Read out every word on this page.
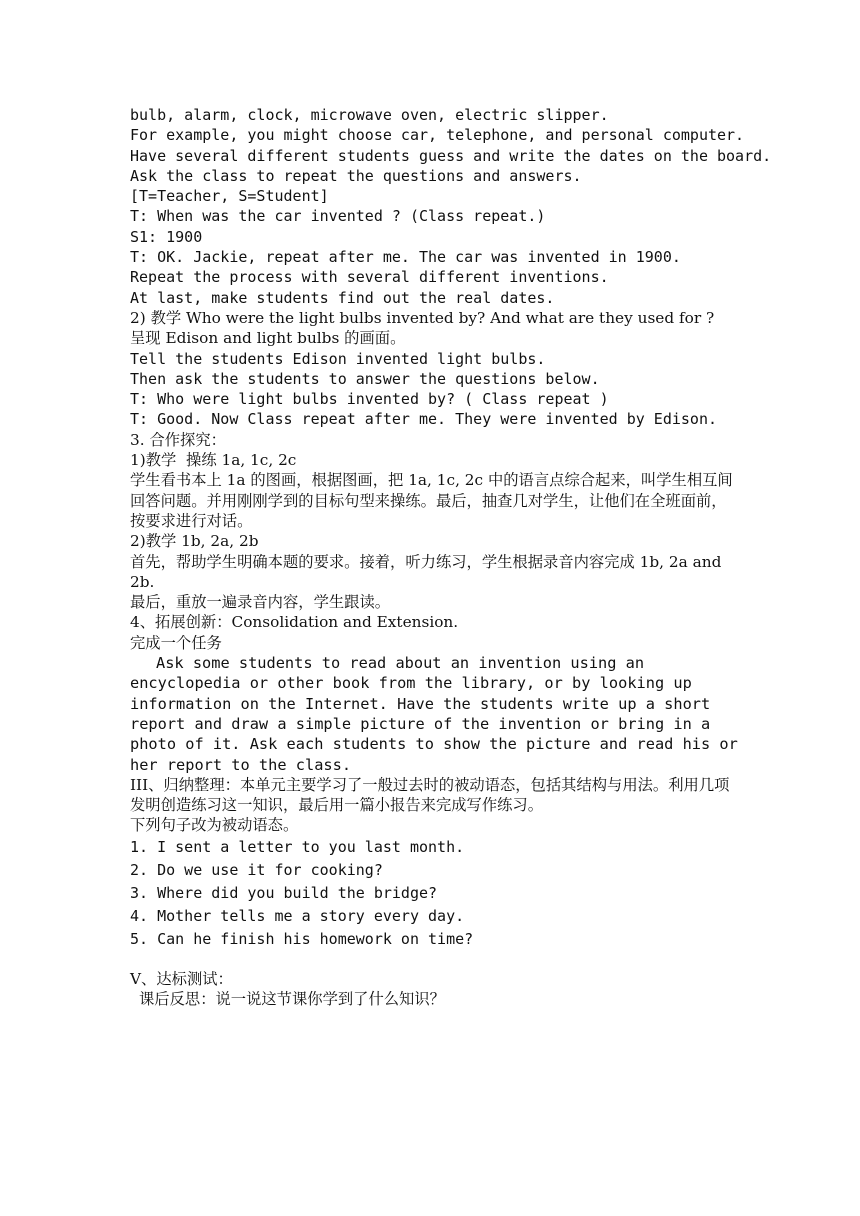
bulb, alarm, clock, microwave oven, electric slipper.
For example, you might choose car, telephone, and personal computer.
Have several different students guess and write the dates on the board.
Ask the class to repeat the questions and answers.
[T=Teacher, S=Student]
T: When was the car invented ? (Class repeat.)
S1: 1900
T: OK. Jackie, repeat after me. The car was invented in 1900.
Repeat the process with several different inventions.
At last, make students find out the real dates.
2) 教学 Who were the light bulbs invented by? And what are they used for ?
呈现 Edison and light bulbs 的画面。
Tell the students Edison invented light bulbs.
Then ask the students to answer the questions below.
T: Who were light bulbs invented by? ( Class repeat )
T: Good. Now Class repeat after me. They were invented by Edison.
3. 合作探究：
1)教学  操练 1a, 1c, 2c
学生看书本上 1a 的图画，根据图画，把 1a, 1c, 2c 中的语言点综合起来，叫学生相互间回答问题。并用刚刚学到的目标句型来操练。最后，抽查几对学生，让他们在全班面前，按要求进行对话。
2)教学 1b, 2a, 2b
首先，帮助学生明确本题的要求。接着，听力练习，学生根据录音内容完成 1b, 2a and 2b.
最后，重放一遍录音内容，学生跟读。
4、拓展创新：Consolidation and Extension.
完成一个任务
Ask some students to read about an invention using an encyclopedia or other book from the library, or by looking up information on the Internet. Have the students write up a short report and draw a simple picture of the invention or bring in a photo of it. Ask each students to show the picture and read his or her report to the class.
III、归纳整理：本单元主要学习了一般过去时的被动语态，包括其结构与用法。利用几项发明创造练习这一知识，最后用一篇小报告来完成写作练习。
下列句子改为被动语态。
1. I sent a letter to you last month.
2. Do we use it for cooking?
3. Where did you build the bridge?
4. Mother tells me a story every day.
5. Can he finish his homework on time?
V、达标测试：
课后反思：说一说这节课你学到了什么知识？
